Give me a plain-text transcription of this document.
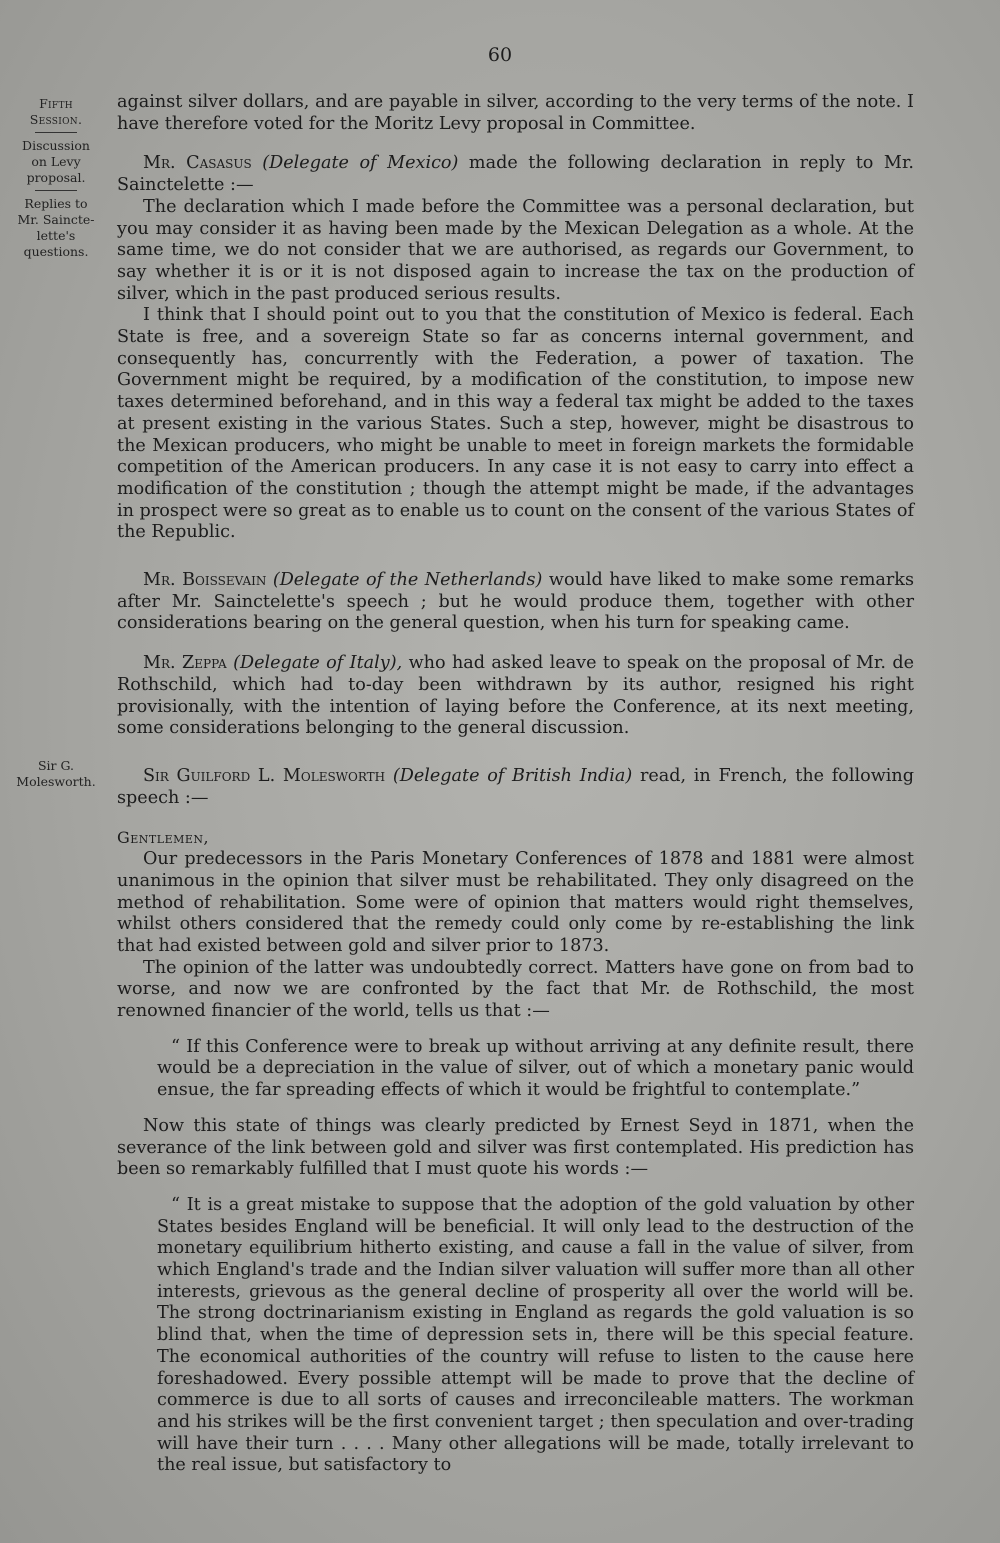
60
Fifth
Session.
Discussion
on Levy
proposal.
Replies to
Mr. Saincte-
lette's
questions.
Sir G.
Molesworth.

against silver dollars, and are payable in silver, according to the very terms of the note. I have therefore voted for the Moritz Levy proposal in Committee.

Mr. Casasus (Delegate of Mexico) made the following declaration in reply to Mr. Sainctelette :—

The declaration which I made before the Committee was a personal declaration, but you may consider it as having been made by the Mexican Delegation as a whole. At the same time, we do not consider that we are authorised, as regards our Government, to say whether it is or it is not disposed again to increase the tax on the production of silver, which in the past produced serious results.

I think that I should point out to you that the constitution of Mexico is federal. Each State is free, and a sovereign State so far as concerns internal government, and consequently has, concurrently with the Federation, a power of taxation. The Government might be required, by a modification of the constitution, to impose new taxes determined beforehand, and in this way a federal tax might be added to the taxes at present existing in the various States. Such a step, however, might be disastrous to the Mexican producers, who might be unable to meet in foreign markets the formidable competition of the American producers. In any case it is not easy to carry into effect a modification of the constitution ; though the attempt might be made, if the advantages in prospect were so great as to enable us to count on the consent of the various States of the Republic.

Mr. Boissevain (Delegate of the Netherlands) would have liked to make some remarks after Mr. Sainctelette's speech ; but he would produce them, together with other considerations bearing on the general question, when his turn for speaking came.

Mr. Zeppa (Delegate of Italy), who had asked leave to speak on the proposal of Mr. de Rothschild, which had to-day been withdrawn by its author, resigned his right provisionally, with the intention of laying before the Conference, at its next meeting, some considerations belonging to the general discussion.

Sir Guilford L. Molesworth (Delegate of British India) read, in French, the following speech :—

Gentlemen,

Our predecessors in the Paris Monetary Conferences of 1878 and 1881 were almost unanimous in the opinion that silver must be rehabilitated. They only disagreed on the method of rehabilitation. Some were of opinion that matters would right themselves, whilst others considered that the remedy could only come by re-establishing the link that had existed between gold and silver prior to 1873.

The opinion of the latter was undoubtedly correct. Matters have gone on from bad to worse, and now we are confronted by the fact that Mr. de Rothschild, the most renowned financier of the world, tells us that :—

“ If this Conference were to break up without arriving at any definite result, there would be a depreciation in the value of silver, out of which a monetary panic would ensue, the far spreading effects of which it would be frightful to contemplate.”

Now this state of things was clearly predicted by Ernest Seyd in 1871, when the severance of the link between gold and silver was first contemplated. His prediction has been so remarkably fulfilled that I must quote his words :—

“ It is a great mistake to suppose that the adoption of the gold valuation by other States besides England will be beneficial. It will only lead to the destruction of the monetary equilibrium hitherto existing, and cause a fall in the value of silver, from which England's trade and the Indian silver valuation will suffer more than all other interests, grievous as the general decline of prosperity all over the world will be. The strong doctrinarianism existing in England as regards the gold valuation is so blind that, when the time of depression sets in, there will be this special feature. The economical authorities of the country will refuse to listen to the cause here foreshadowed. Every possible attempt will be made to prove that the decline of commerce is due to all sorts of causes and irreconcileable matters. The workman and his strikes will be the first convenient target ; then speculation and over-trading will have their turn . . . . Many other allegations will be made, totally irrelevant to the real issue, but satisfactory to
